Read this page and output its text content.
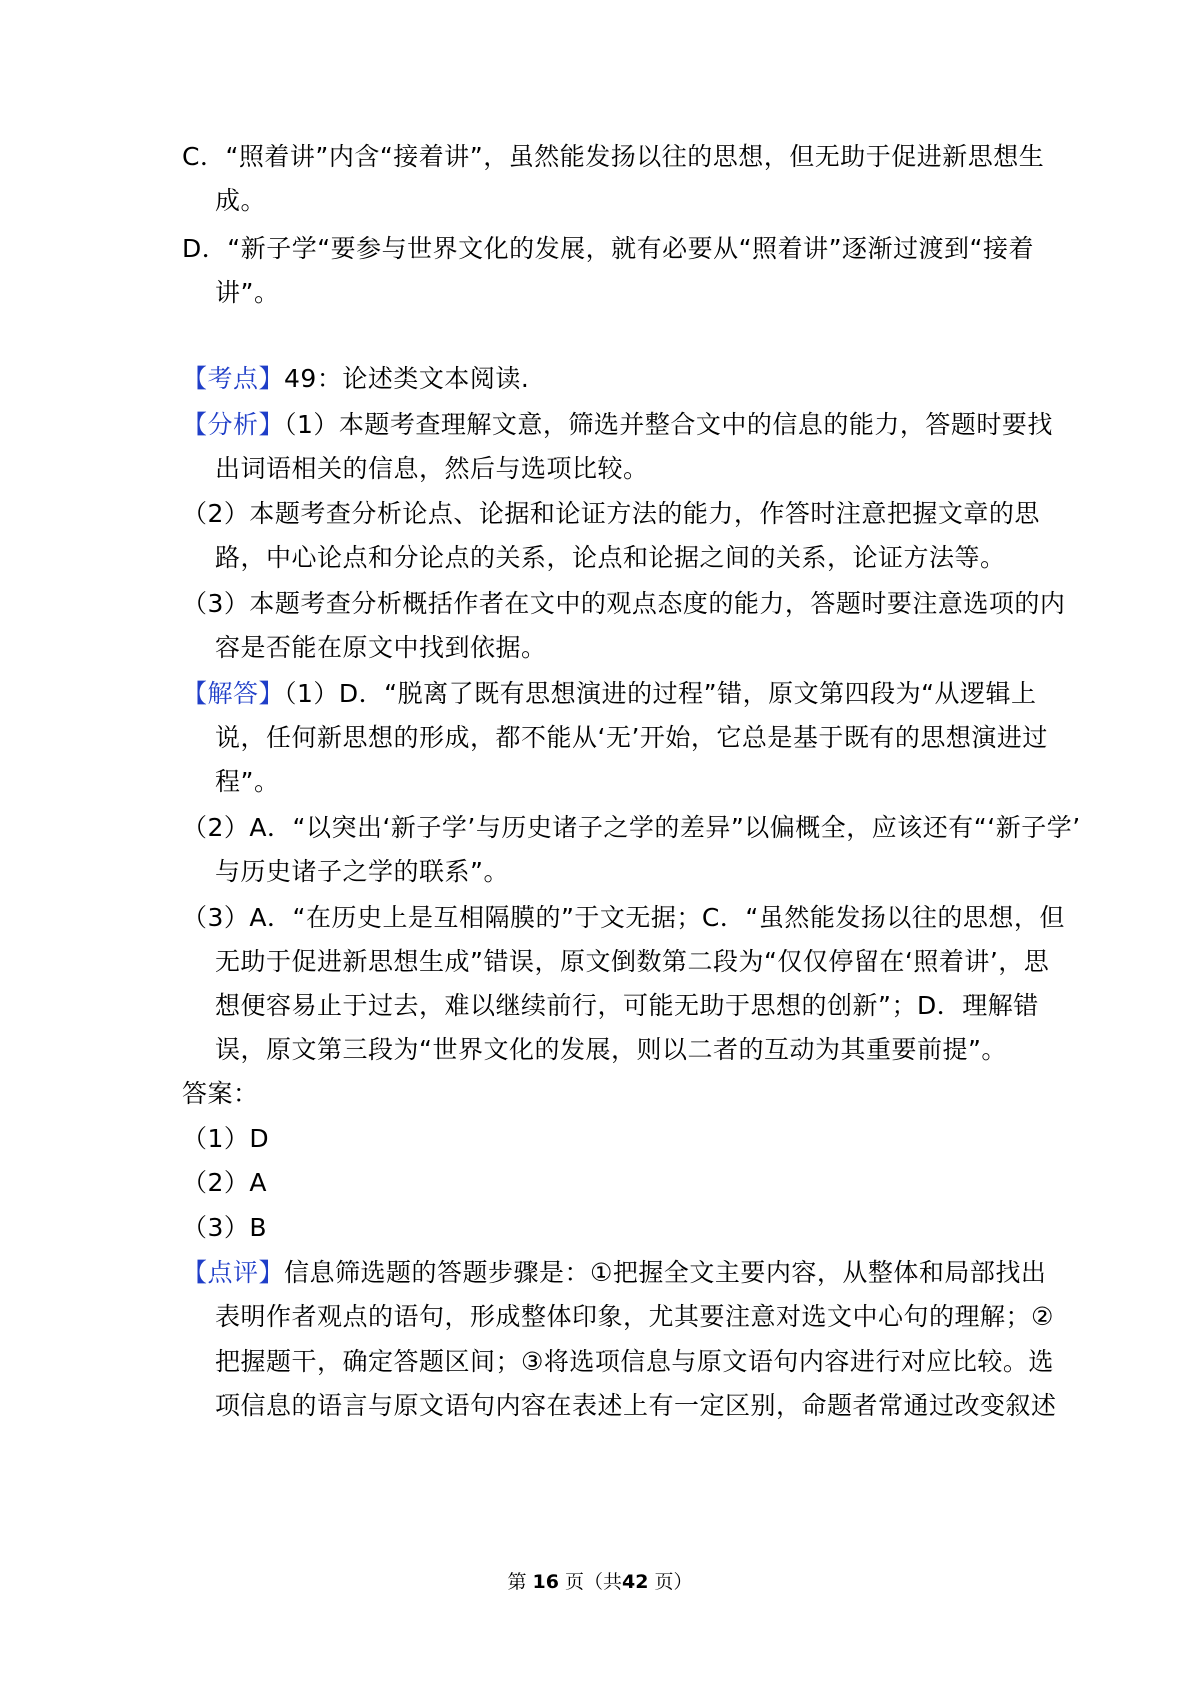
C．“照着讲”内含“接着讲”，虽然能发扬以往的思想，但无助于促进新思想生
成。
D．“新子学“要参与世界文化的发展，就有必要从“照着讲”逐渐过渡到“接着
讲”。
【考点】49：论述类文本阅读.
【分析】（1）本题考查理解文意，筛选并整合文中的信息的能力，答题时要找
出词语相关的信息，然后与选项比较。
（2）本题考查分析论点、论据和论证方法的能力，作答时注意把握文章的思
路，中心论点和分论点的关系，论点和论据之间的关系，论证方法等。
（3）本题考查分析概括作者在文中的观点态度的能力，答题时要注意选项的内
容是否能在原文中找到依据。
【解答】（1）D．“脱离了既有思想演进的过程”错，原文第四段为“从逻辑上
说，任何新思想的形成，都不能从‘无’开始，它总是基于既有的思想演进过
程”。
（2）A．“以突出‘新子学’与历史诸子之学的差异”以偏概全，应该还有“‘新子学’
与历史诸子之学的联系”。
（3）A．“在历史上是互相隔膜的”于文无据；C．“虽然能发扬以往的思想，但
无助于促进新思想生成”错误，原文倒数第二段为“仅仅停留在‘照着讲’，思
想便容易止于过去，难以继续前行，可能无助于思想的创新”；D．理解错
误，原文第三段为“世界文化的发展，则以二者的互动为其重要前提”。
答案：
（1）D
（2）A
（3）B
【点评】信息筛选题的答题步骤是：①把握全文主要内容，从整体和局部找出
表明作者观点的语句，形成整体印象，尤其要注意对选文中心句的理解；②
把握题干，确定答题区间；③将选项信息与原文语句内容进行对应比较。选
项信息的语言与原文语句内容在表述上有一定区别，命题者常通过改变叙述
第 16 页（共42 页）
